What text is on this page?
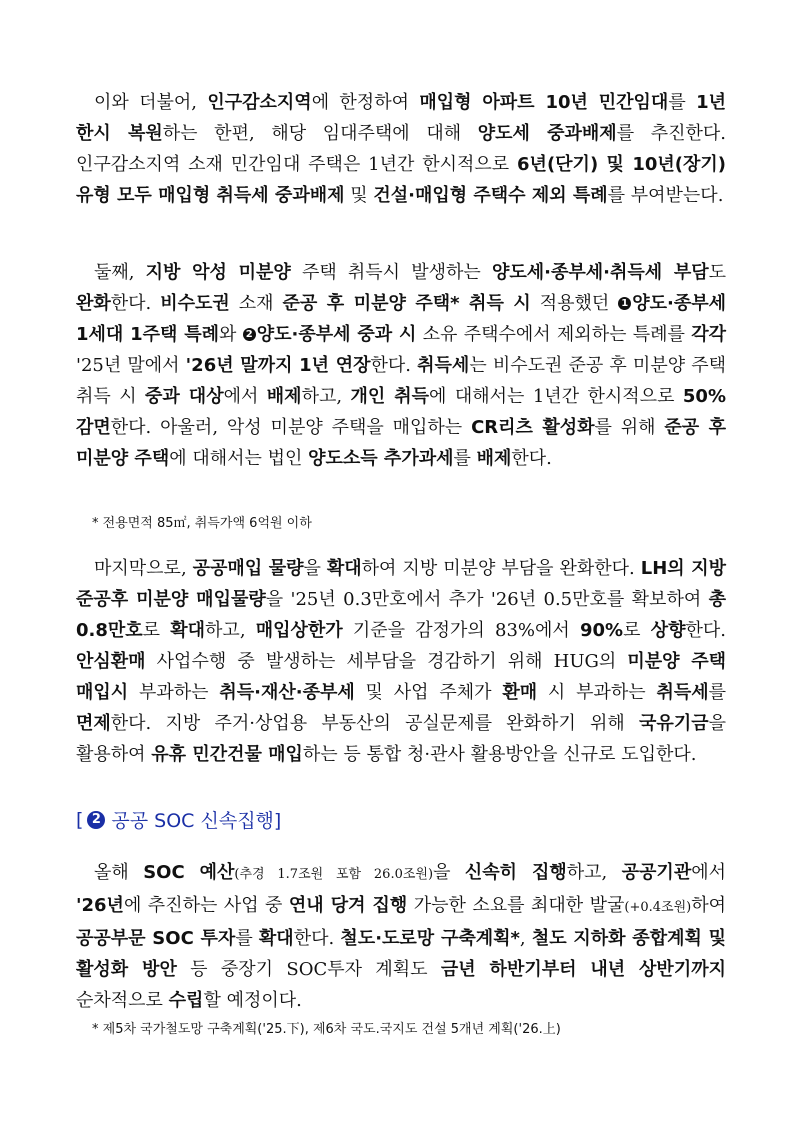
이와 더불어, 인구감소지역에 한정하여 매입형 아파트 10년 민간임대를 1년 한시 복원하는 한편, 해당 임대주택에 대해 양도세 중과배제를 추진한다. 인구감소지역 소재 민간임대 주택은 1년간 한시적으로 6년(단기) 및 10년(장기) 유형 모두 매입형 취득세 중과배제 및 건설·매입형 주택수 제외 특례를 부여받는다.
둘째, 지방 악성 미분양 주택 취득시 발생하는 양도세·종부세·취득세 부담도 완화한다. 비수도권 소재 준공 후 미분양 주택* 취득 시 적용했던 1 양도·종부세 1세대 1주택 특례와 2 양도·종부세 중과 시 소유 주택수에서 제외하는 특례를 각각 '25년 말에서 '26년 말까지 1년 연장한다. 취득세는 비수도권 준공 후 미분양 주택 취득 시 중과 대상에서 배제하고, 개인 취득에 대해서는 1년간 한시적으로 50% 감면한다. 아울러, 악성 미분양 주택을 매입하는 CR리츠 활성화를 위해 준공 후 미분양 주택에 대해서는 법인 양도소득 추가과세를 배제한다.
* 전용면적 85㎡, 취득가액 6억원 이하
마지막으로, 공공매입 물량을 확대하여 지방 미분양 부담을 완화한다. LH의 지방 준공후 미분양 매입물량을 '25년 0.3만호에서 추가 '26년 0.5만호를 확보하여 총 0.8만호로 확대하고, 매입상한가 기준을 감정가의 83%에서 90%로 상향한다. 안심환매 사업수행 중 발생하는 세부담을 경감하기 위해 HUG의 미분양 주택 매입시 부과하는 취득·재산·종부세 및 사업 주체가 환매 시 부과하는 취득세를 면제한다. 지방 주거·상업용 부동산의 공실문제를 완화하기 위해 국유기금을 활용하여 유휴 민간건물 매입하는 등 통합 청·관사 활용방안을 신규로 도입한다.
[ 2 공공 SOC 신속집행]
올해 SOC 예산(추경 1.7조원 포함 26.0조원)을 신속히 집행하고, 공공기관에서 '26년에 추진하는 사업 중 연내 당겨 집행 가능한 소요를 최대한 발굴(+0.4조원)하여 공공부문 SOC 투자를 확대한다. 철도·도로망 구축계획*, 철도 지하화 종합계획 및 활성화 방안 등 중장기 SOC투자 계획도 금년 하반기부터 내년 상반기까지 순차적으로 수립할 예정이다.
* 제5차 국가철도망 구축계획('25.下), 제6차 국도.국지도 건설 5개년 계획('26.上)
